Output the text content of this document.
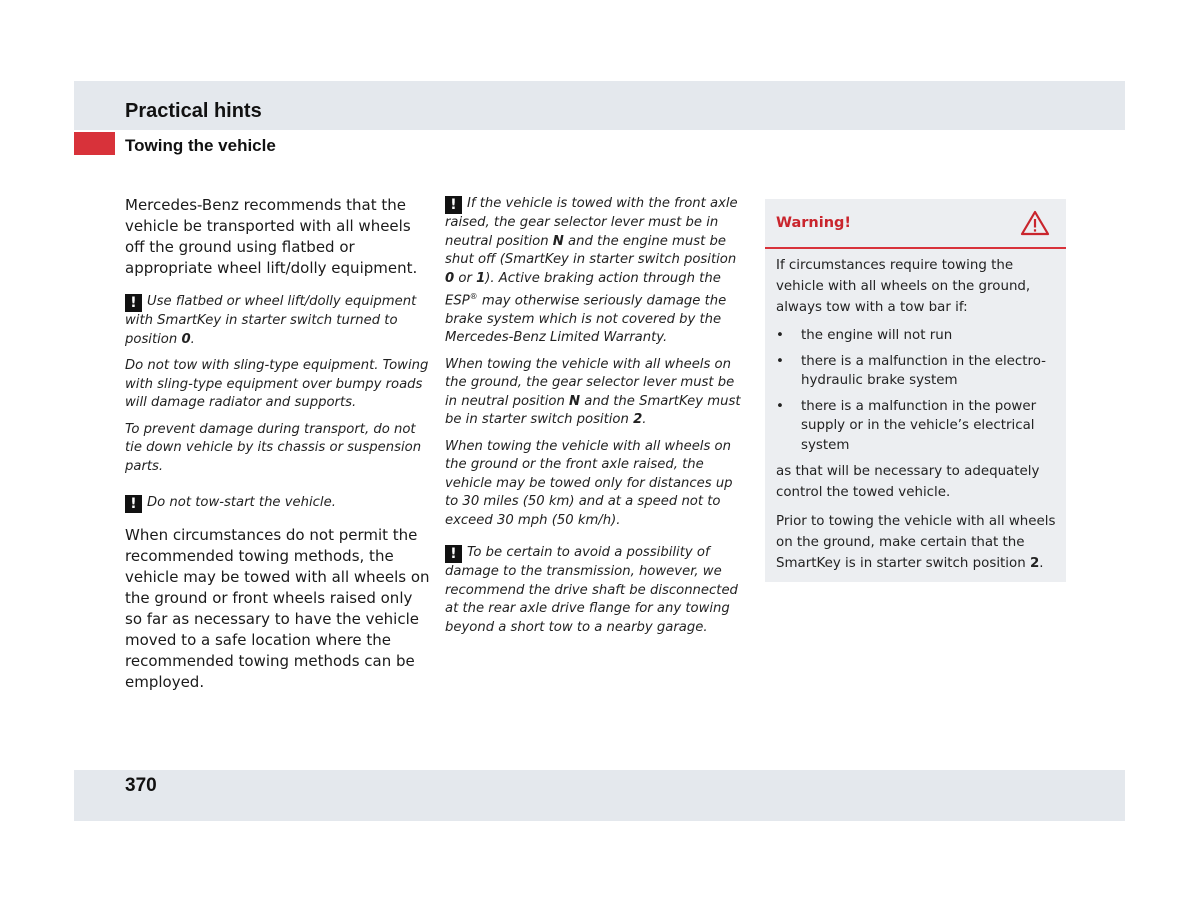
Practical hints
Towing the vehicle

Mercedes-Benz recommends that the vehicle be transported with all wheels off the ground using flatbed or appropriate wheel lift/dolly equipment.

! Use flatbed or wheel lift/dolly equipment with SmartKey in starter switch turned to position 0.

Do not tow with sling-type equipment. Towing with sling-type equipment over bumpy roads will damage radiator and supports.

To prevent damage during transport, do not tie down vehicle by its chassis or suspension parts.

! Do not tow-start the vehicle.

When circumstances do not permit the recommended towing methods, the vehicle may be towed with all wheels on the ground or front wheels raised only so far as necessary to have the vehicle moved to a safe location where the recommended towing methods can be employed.

! If the vehicle is towed with the front axle raised, the gear selector lever must be in neutral position N and the engine must be shut off (SmartKey in starter switch position 0 or 1). Active braking action through the ESP® may otherwise seriously damage the brake system which is not covered by the Mercedes-Benz Limited Warranty.

When towing the vehicle with all wheels on the ground, the gear selector lever must be in neutral position N and the SmartKey must be in starter switch position 2.

When towing the vehicle with all wheels on the ground or the front axle raised, the vehicle may be towed only for distances up to 30 miles (50 km) and at a speed not to exceed 30 mph (50 km/h).

! To be certain to avoid a possibility of damage to the transmission, however, we recommend the drive shaft be disconnected at the rear axle drive flange for any towing beyond a short tow to a nearby garage.

Warning!

If circumstances require towing the vehicle with all wheels on the ground, always tow with a tow bar if:

• the engine will not run
• there is a malfunction in the electro-hydraulic brake system
• there is a malfunction in the power supply or in the vehicle’s electrical system

as that will be necessary to adequately control the towed vehicle.

Prior to towing the vehicle with all wheels on the ground, make certain that the SmartKey is in starter switch position 2.

370
